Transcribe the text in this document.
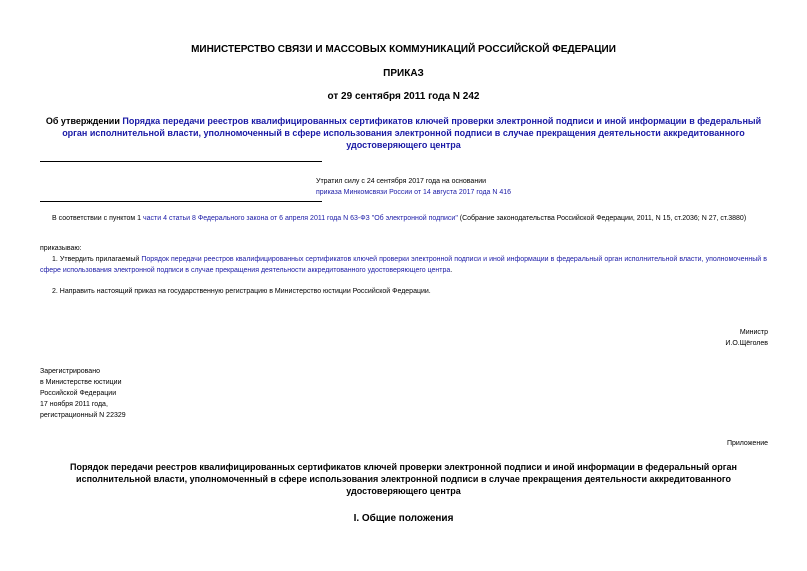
МИНИСТЕРСТВО СВЯЗИ И МАССОВЫХ КОММУНИКАЦИЙ РОССИЙСКОЙ ФЕДЕРАЦИИ
ПРИКАЗ
от 29 сентября 2011 года N 242
Об утверждении Порядка передачи реестров квалифицированных сертификатов ключей проверки электронной подписи и иной информации в федеральный орган исполнительной власти, уполномоченный в сфере использования электронной подписи в случае прекращения деятельности аккредитованного удостоверяющего центра
Утратил силу с 24 сентября 2017 года на основании
приказа Минкомсвязи России от 14 августа 2017 года N 416
В соответствии с пунктом 1 части 4 статьи 8 Федерального закона от 6 апреля 2011 года N 63-ФЗ "Об электронной подписи" (Собрание законодательства Российской Федерации, 2011, N 15, ст.2036; N 27, ст.3880)
приказываю:
1. Утвердить прилагаемый Порядок передачи реестров квалифицированных сертификатов ключей проверки электронной подписи и иной информации в федеральный орган исполнительной власти, уполномоченный в сфере использования электронной подписи в случае прекращения деятельности аккредитованного удостоверяющего центра.
2. Направить настоящий приказ на государственную регистрацию в Министерство юстиции Российской Федерации.
Министр
И.О.Щёголев
Зарегистрировано
в Министерстве юстиции
Российской Федерации
17 ноября 2011 года,
регистрационный N 22329
Приложение
Порядок передачи реестров квалифицированных сертификатов ключей проверки электронной подписи и иной информации в федеральный орган исполнительной власти, уполномоченный в сфере использования электронной подписи в случае прекращения деятельности аккредитованного удостоверяющего центра
I. Общие положения
